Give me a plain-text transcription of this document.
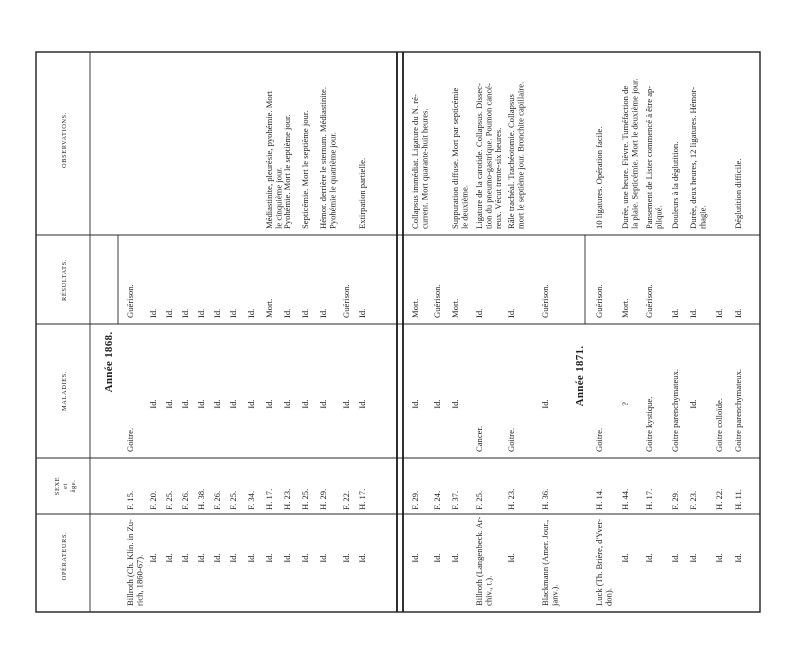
OPÉRATEURS.
SEXE et âge.
MALADIES.
RÉSULTATS.
OBSERVATIONS.
Année 1868.	Année 1871.
Billroth (Ch. Klin. in Zu- rich, 1860-67).
F. 15.
Goitre.
Guérison.
Id.
F. 20.
Id.
Id.
Id.
F. 25.
Id.
Id.
Id.
F. 26.
Id.
Id.
Id.
H. 38.
Id.
Id.
Id.
F. 26.
Id.
Id.
Id.
F. 25.
Id.
Id.
Id.
F. 34.
Id.
Id.
Id.
H. 17.
Id.
Mort.
Médiastinite, pleurésie, pyohémie. Mort le cinquième jour.
Id.
H. 23.
Id.
Id.
Pyohémie. Mort le septième jour.
Id.
H. 25.
Id.
Id.
Septicémie. Mort le septième jour.
Id.
H. 29.
Id.
Id.
Hémor. derrière le sternum. Médiastinite. Pyohémie le quatrième jour.
Id.
F. 22.
Id.
Guérison.
Id.
H. 17.
Id.
Id.
Extirpation partielle.
Id.
F. 29.
Id.
Mort.
Collapsus immédiat. Ligature du N. ré- current. Mort quarante-huit heures.
Id.
F. 24.
Id.
Guérison.
Id.
F. 37.
Id.
Mort.
Suppuration diffuse. Mort par septicémie le deuxième.
Billroth (Langenbeck. Ar- chiv., t.).
F. 25.
Cancer.
Id.
Ligature de la carotide. Collapsus. Dissec- tion du pneumo-gastrique. Poumon cancé- reux. Vécut trente-six heures.
Id.
H. 23.
Goitre.
Id.
Râle trachéal. Trachéotomie. Collapsus mort le septième jour. Bronchite capillaire.
Blackmann (Amer. Jour., janv.).
H. 36.
Id.
Guérison.
Luck (Th. Brière, d'Yver- don).
H. 14.
Goitre.
Guérison.
10 ligatures. Opération facile.
Id.
H. 44.
?
Mort.
Durée, une heure. Fièvre. Tuméfaction de la plaie. Septicémie. Mort le deuxième jour.
Id.
H. 17.
Goitre kystique.
Guérison.
Pansement de Lister commencé à être ap- pliqué.
Id.
F. 29.
Goitre parenchymateux.
Id.
Douleurs à la déglutition.
Id.
F. 23.
Id.
Id.
Durée, deux heures, 12 ligatures. Hémor- rhagie.
Id.
H. 22.
Goitre colloïde.
Id.
Id.
H. 11.
Goitre parenchymateux.
Id.
Déglutition difficile.
